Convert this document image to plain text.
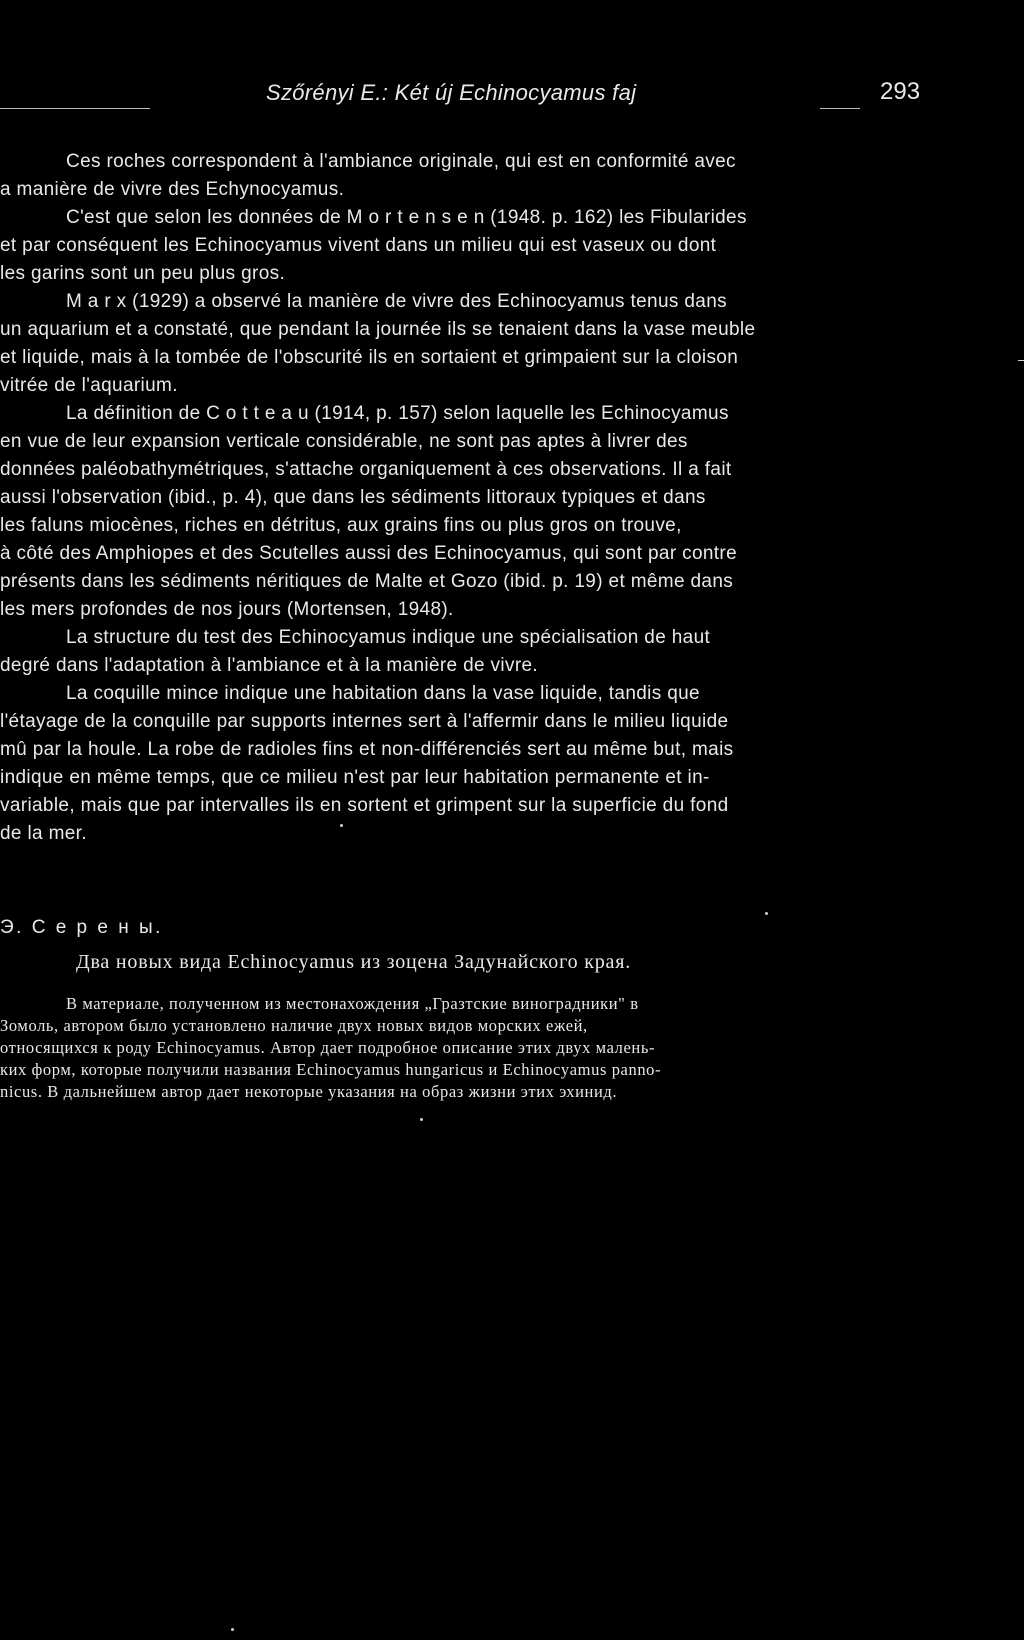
Szőrényi E.: Két új Echinocyamus faj	293
Ces roches correspondent à l'ambiance originale, qui est en conformité avec
a manière de vivre des Echynocyamus.
C'est que selon les données de M o r t e n s e n (1948. p. 162) les Fibularides
et par conséquent les Echinocyamus vivent dans un milieu qui est vaseux ou dont
les garins sont un peu plus gros.
M a r x (1929) a observé la manière de vivre des Echinocyamus tenus dans
un aquarium et a constaté, que pendant la journée ils se tenaient dans la vase meuble
et liquide, mais à la tombée de l'obscurité ils en sortaient et grimpaient sur la cloison
vitrée de l'aquarium.
La définition de C o t t e a u (1914, p. 157) selon laquelle les Echinocyamus
en vue de leur expansion verticale considérable, ne sont pas aptes à livrer des
données paléobathymétriques, s'attache organiquement à ces observations. Il a fait
aussi l'observation (ibid., p. 4), que dans les sédiments littoraux typiques et dans
les faluns miocènes, riches en détritus, aux grains fins ou plus gros on trouve,
à côté des Amphiopes et des Scutelles aussi des Echinocyamus, qui sont par contre
présents dans les sédiments néritiques de Malte et Gozo (ibid. p. 19) et même dans
les mers profondes de nos jours (Mortensen, 1948).
La structure du test des Echinocyamus indique une spécialisation de haut
degré dans l'adaptation à l'ambiance et à la manière de vivre.
La coquille mince indique une habitation dans la vase liquide, tandis que
l'étayage de la conquille par supports internes sert à l'affermir dans le milieu liquide
mû par la houle. La robe de radioles fins et non-différenciés sert au même but, mais
indique en même temps, que ce milieu n'est par leur habitation permanente et in-
variable, mais que par intervalles ils en sortent et grimpent sur la superficie du fond
de la mer.
Э. С е р е н ы.
Два новых вида Echinocyamus из зоцена Задунайского края.
В материале, полученном из местонахождения „Гразтские виноградники" в
Зомоль, автором было установлено наличие двух новых видов морских ежей,
относящихся к роду Echinocyamus. Автор дает подробное описание этих двух малень-
ких форм, которые получили названия Echinocyamus hungaricus и Echinocyamus panno-
nicus. В дальнейшем автор дает некоторые указания на образ жизни этих эхинид.
